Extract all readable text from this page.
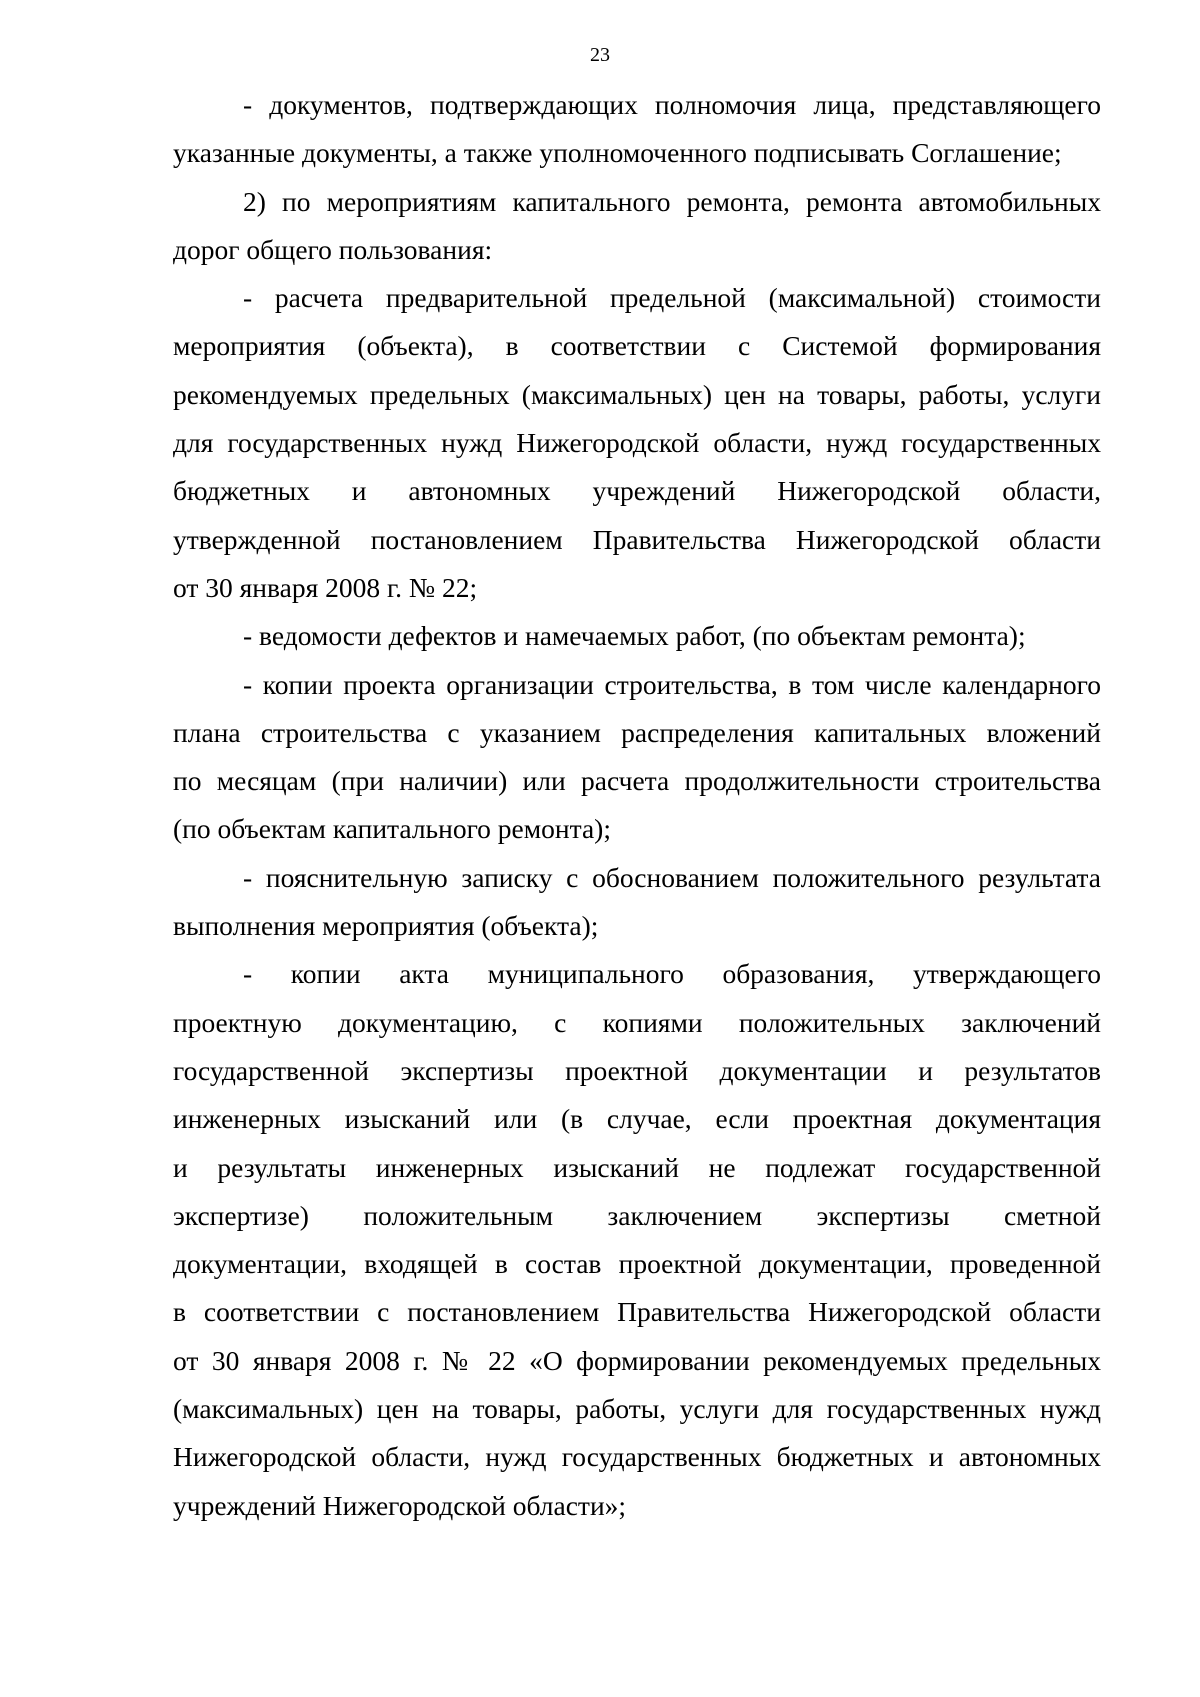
23
- документов, подтверждающих полномочия лица, представляющего
указанные документы, а также уполномоченного подписывать Соглашение;
2) по мероприятиям капитального ремонта, ремонта автомобильных
дорог общего пользования:
- расчета предварительной предельной (максимальной) стоимости
мероприятия (объекта), в соответствии с Системой формирования
рекомендуемых предельных (максимальных) цен на товары, работы, услуги
для государственных нужд Нижегородской области, нужд государственных
бюджетных и автономных учреждений Нижегородской области,
утвержденной постановлением Правительства Нижегородской области
от 30 января 2008 г. № 22;
- ведомости дефектов и намечаемых работ, (по объектам ремонта);
- копии проекта организации строительства, в том числе календарного
плана строительства с указанием распределения капитальных вложений
по месяцам (при наличии) или расчета продолжительности строительства
(по объектам капитального ремонта);
- пояснительную записку с обоснованием положительного результата
выполнения мероприятия (объекта);
- копии акта муниципального образования, утверждающего
проектную документацию, с копиями положительных заключений
государственной экспертизы проектной документации и результатов
инженерных изысканий или (в случае, если проектная документация
и результаты инженерных изысканий не подлежат государственной
экспертизе) положительным заключением экспертизы сметной
документации, входящей в состав проектной документации, проведенной
в соответствии с постановлением Правительства Нижегородской области
от 30 января 2008 г. № 22 «О формировании рекомендуемых предельных
(максимальных) цен на товары, работы, услуги для государственных нужд
Нижегородской области, нужд государственных бюджетных и автономных
учреждений Нижегородской области»;
